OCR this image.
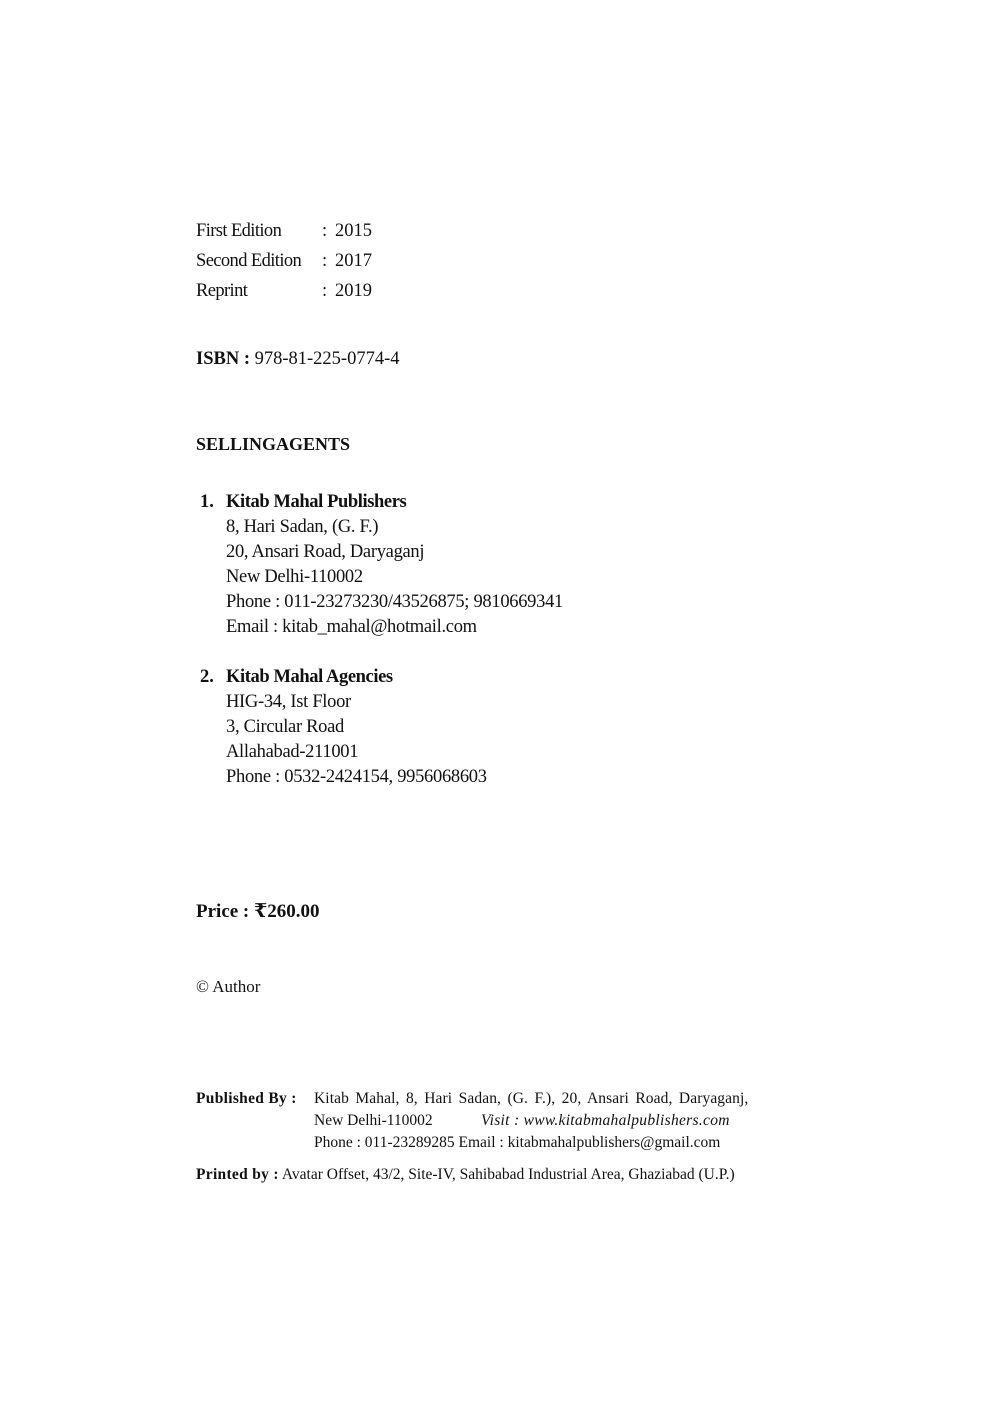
First Edition : 2015
Second Edition : 2017
Reprint	: 2019
ISBN : 978-81-225-0774-4
SELLINGAGENTS
1. Kitab Mahal Publishers
8, Hari Sadan, (G. F.)
20, Ansari Road, Daryaganj
New Delhi-110002
Phone : 011-23273230/43526875; 9810669341
Email : kitab_mahal@hotmail.com
2. Kitab Mahal Agencies
HIG-34, Ist Floor
3, Circular Road
Allahabad-211001
Phone : 0532-2424154, 9956068603
Price : ₹260.00
© Author
Published By : Kitab Mahal, 8, Hari Sadan, (G. F.), 20, Ansari Road, Daryaganj,
New Delhi-110002	Visit : www.kitabmahalpublishers.com
Phone : 011-23289285 Email : kitabmahalpublishers@gmail.com
Printed by : Avatar Offset, 43/2, Site-IV, Sahibabad Industrial Area, Ghaziabad (U.P.)
